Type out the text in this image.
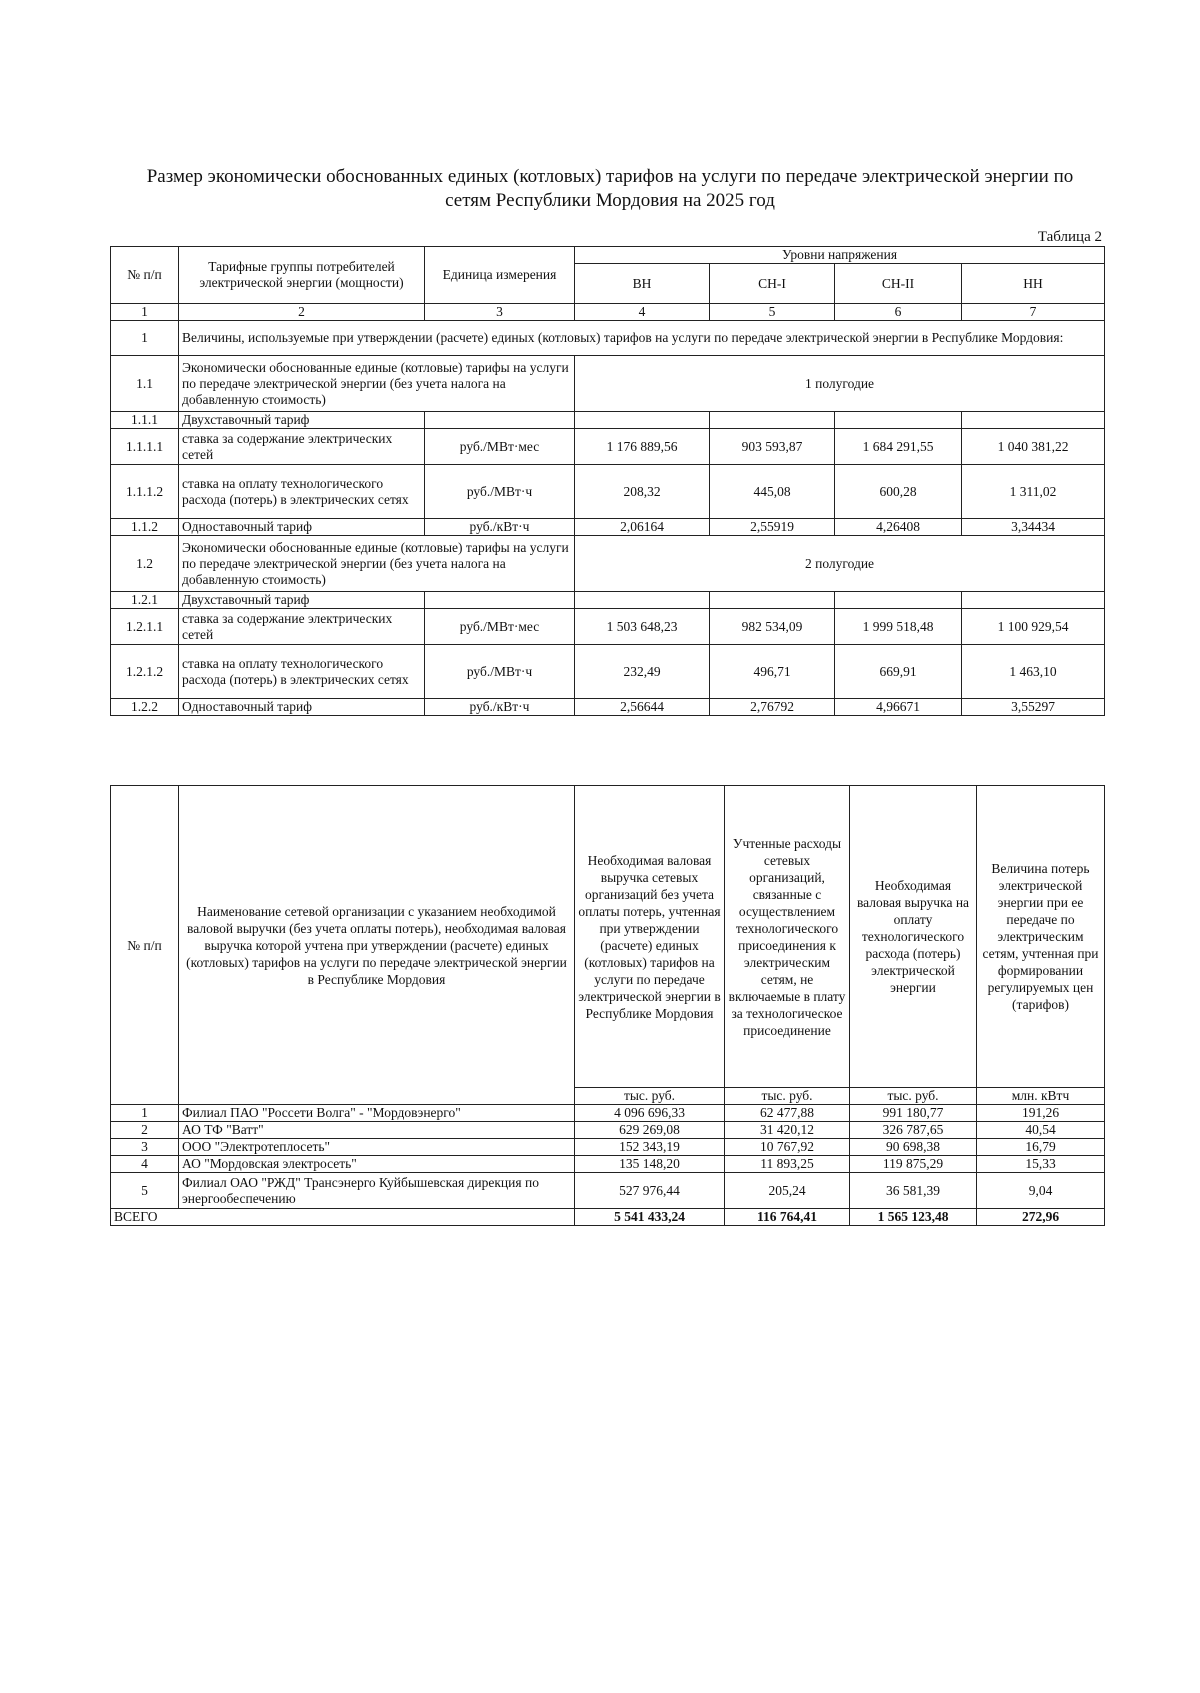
Размер экономически обоснованных единых (котловых) тарифов на услуги по передаче электрической энергии по
сетям Республики Мордовия на 2025 год
Таблица 2
№ п/п	Тарифные группы потребителей электрической энергии (мощности)	Единица измерения	Уровни напряжения			
			ВН	СН-I	СН-II	НН
1	2	3	4	5	6	7
1	Величины, используемые при утверждении (расчете) единых (котловых) тарифов на услуги по передаче электрической энергии в Республике Мордовия:					
1.1	Экономически обоснованные единые (котловые) тарифы на услуги по передаче электрической энергии (без учета налога на добавленную стоимость)		1 полугодие			
1.1.1	Двухставочный тариф					
1.1.1.1	ставка за содержание электрических сетей	руб./МВт·мес	1 176 889,56	903 593,87	1 684 291,55	1 040 381,22
1.1.1.2	ставка на оплату технологического расхода (потерь) в электрических сетях	руб./МВт·ч	208,32	445,08	600,28	1 311,02
1.1.2	Одноставочный тариф	руб./кВт·ч	2,06164	2,55919	4,26408	3,34434
1.2	Экономически обоснованные единые (котловые) тарифы на услуги по передаче электрической энергии (без учета налога на добавленную стоимость)		2 полугодие			
1.2.1	Двухставочный тариф					
1.2.1.1	ставка за содержание электрических сетей	руб./МВт·мес	1 503 648,23	982 534,09	1 999 518,48	1 100 929,54
1.2.1.2	ставка на оплату технологического расхода (потерь) в электрических сетях	руб./МВт·ч	232,49	496,71	669,91	1 463,10
1.2.2	Одноставочный тариф	руб./кВт·ч	2,56644	2,76792	4,96671	3,55297
№ п/п	Наименование сетевой организации с указанием необходимой валовой выручки (без учета оплаты потерь), необходимая валовая выручка которой учтена при утверждении (расчете) единых (котловых) тарифов на услуги по передаче электрической энергии в Республике Мордовия	Необходимая валовая выручка сетевых организаций без учета оплаты потерь, учтенная при утверждении (расчете) единых (котловых) тарифов на услуги по передаче электрической энергии в Республике Мордовия	Учтенные расходы сетевых организаций, связанные с осуществлением технологического присоединения к электрическим сетям, не включаемые в плату за технологическое присоединение	Необходимая валовая выручка на оплату технологического расхода (потерь) электрической энергии	Величина потерь электрической энергии при ее передаче по электрическим сетям, учтенная при формировании регулируемых цен (тарифов)
		тыс. руб.	тыс. руб.	тыс. руб.	млн. кВтч
1	Филиал ПАО "Россети Волга" - "Мордовэнерго"	4 096 696,33	62 477,88	991 180,77	191,26
2	АО ТФ "Ватт"	629 269,08	31 420,12	326 787,65	40,54
3	ООО "Электротеплосеть"	152 343,19	10 767,92	90 698,38	16,79
4	АО "Мордовская электросеть"	135 148,20	11 893,25	119 875,29	15,33
5	Филиал ОАО "РЖД" Трансэнерго Куйбышевская дирекция по энергообеспечению	527 976,44	205,24	36 581,39	9,04
ВСЕГО		5 541 433,24	116 764,41	1 565 123,48	272,96
